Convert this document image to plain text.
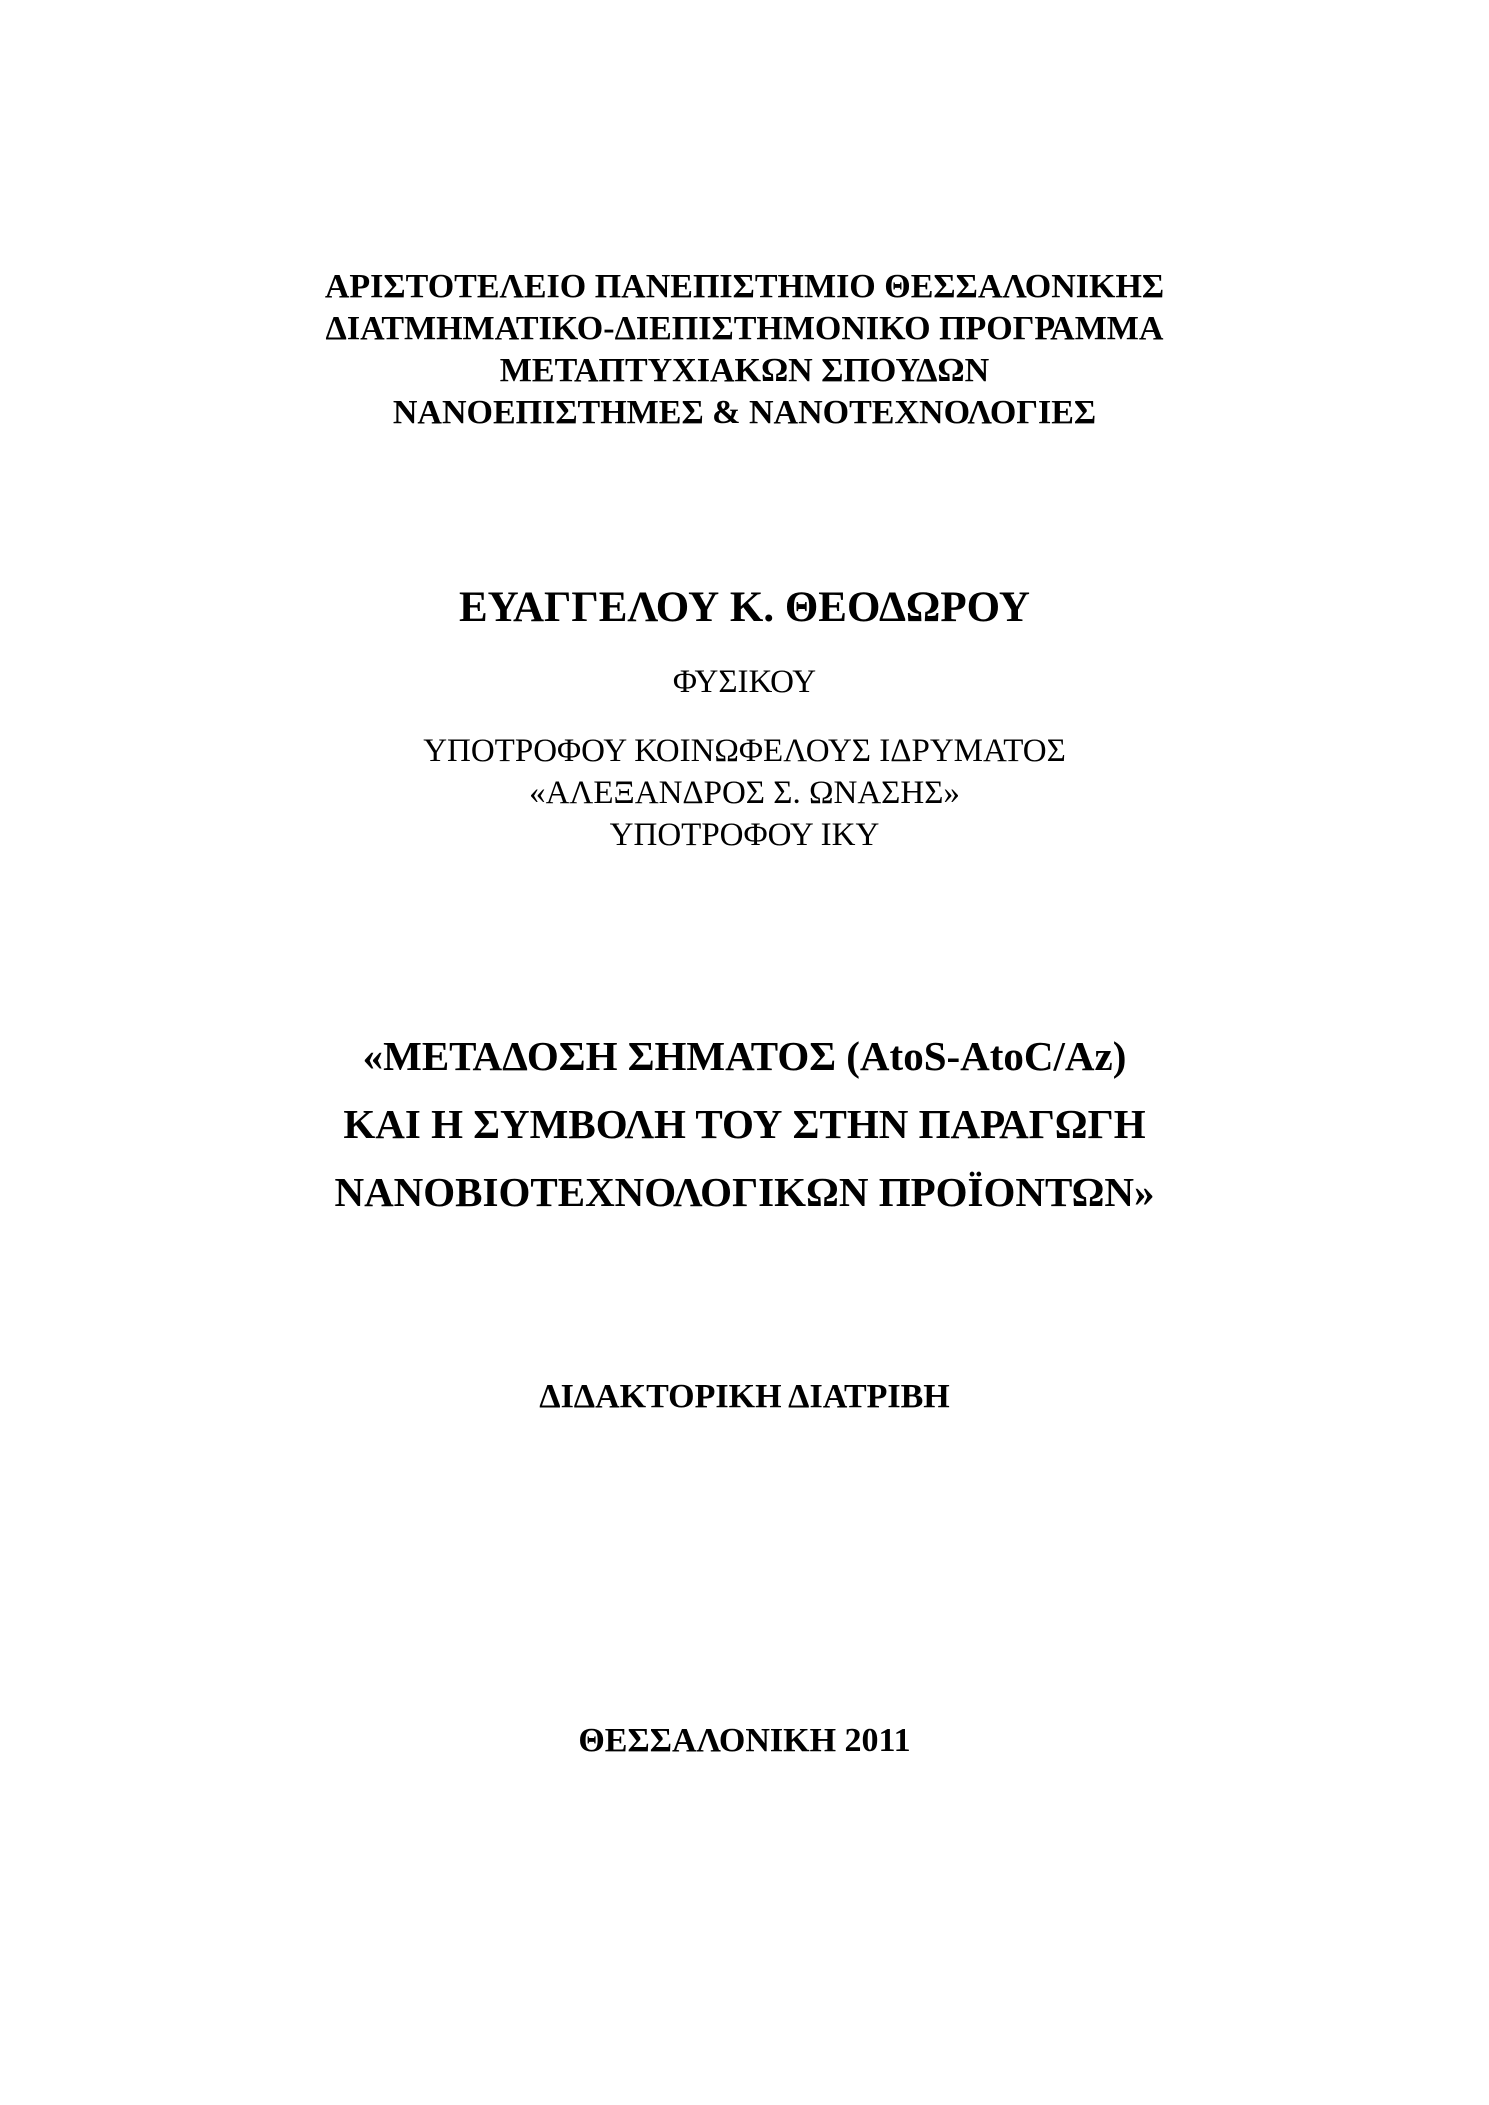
ΑΡΙΣΤΟΤΕΛΕΙΟ ΠΑΝΕΠΙΣΤΗΜΙΟ ΘΕΣΣΑΛΟΝΙΚΗΣ
ΔΙΑΤΜΗΜΑΤΙΚΟ-ΔΙΕΠΙΣΤΗΜΟΝΙΚΟ ΠΡΟΓΡΑΜΜΑ
ΜΕΤΑΠΤΥΧΙΑΚΩΝ ΣΠΟΥΔΩΝ
ΝΑΝΟΕΠΙΣΤΗΜΕΣ & ΝΑΝΟΤΕΧΝΟΛΟΓΙΕΣ
ΕΥΑΓΓΕΛΟΥ Κ. ΘΕΟΔΩΡΟΥ
ΦΥΣΙΚΟΥ
ΥΠΟΤΡΟΦΟΥ ΚΟΙΝΩΦΕΛΟΥΣ ΙΔΡΥΜΑΤΟΣ
«ΑΛΕΞΑΝΔΡΟΣ Σ. ΩΝΑΣΗΣ»
ΥΠΟΤΡΟΦΟΥ ΙΚΥ
«ΜΕΤΑΔΟΣΗ ΣΗΜΑΤΟΣ (AtoS-AtoC/Az)
ΚΑΙ Η ΣΥΜΒΟΛΗ ΤΟΥ ΣΤΗΝ ΠΑΡΑΓΩΓΗ
ΝΑΝΟΒΙΟΤΕΧΝΟΛΟΓΙΚΩΝ ΠΡΟΪΟΝΤΩΝ»
ΔΙΔΑΚΤΟΡΙΚΗ ΔΙΑΤΡΙΒΗ
ΘΕΣΣΑΛΟΝΙΚΗ 2011
